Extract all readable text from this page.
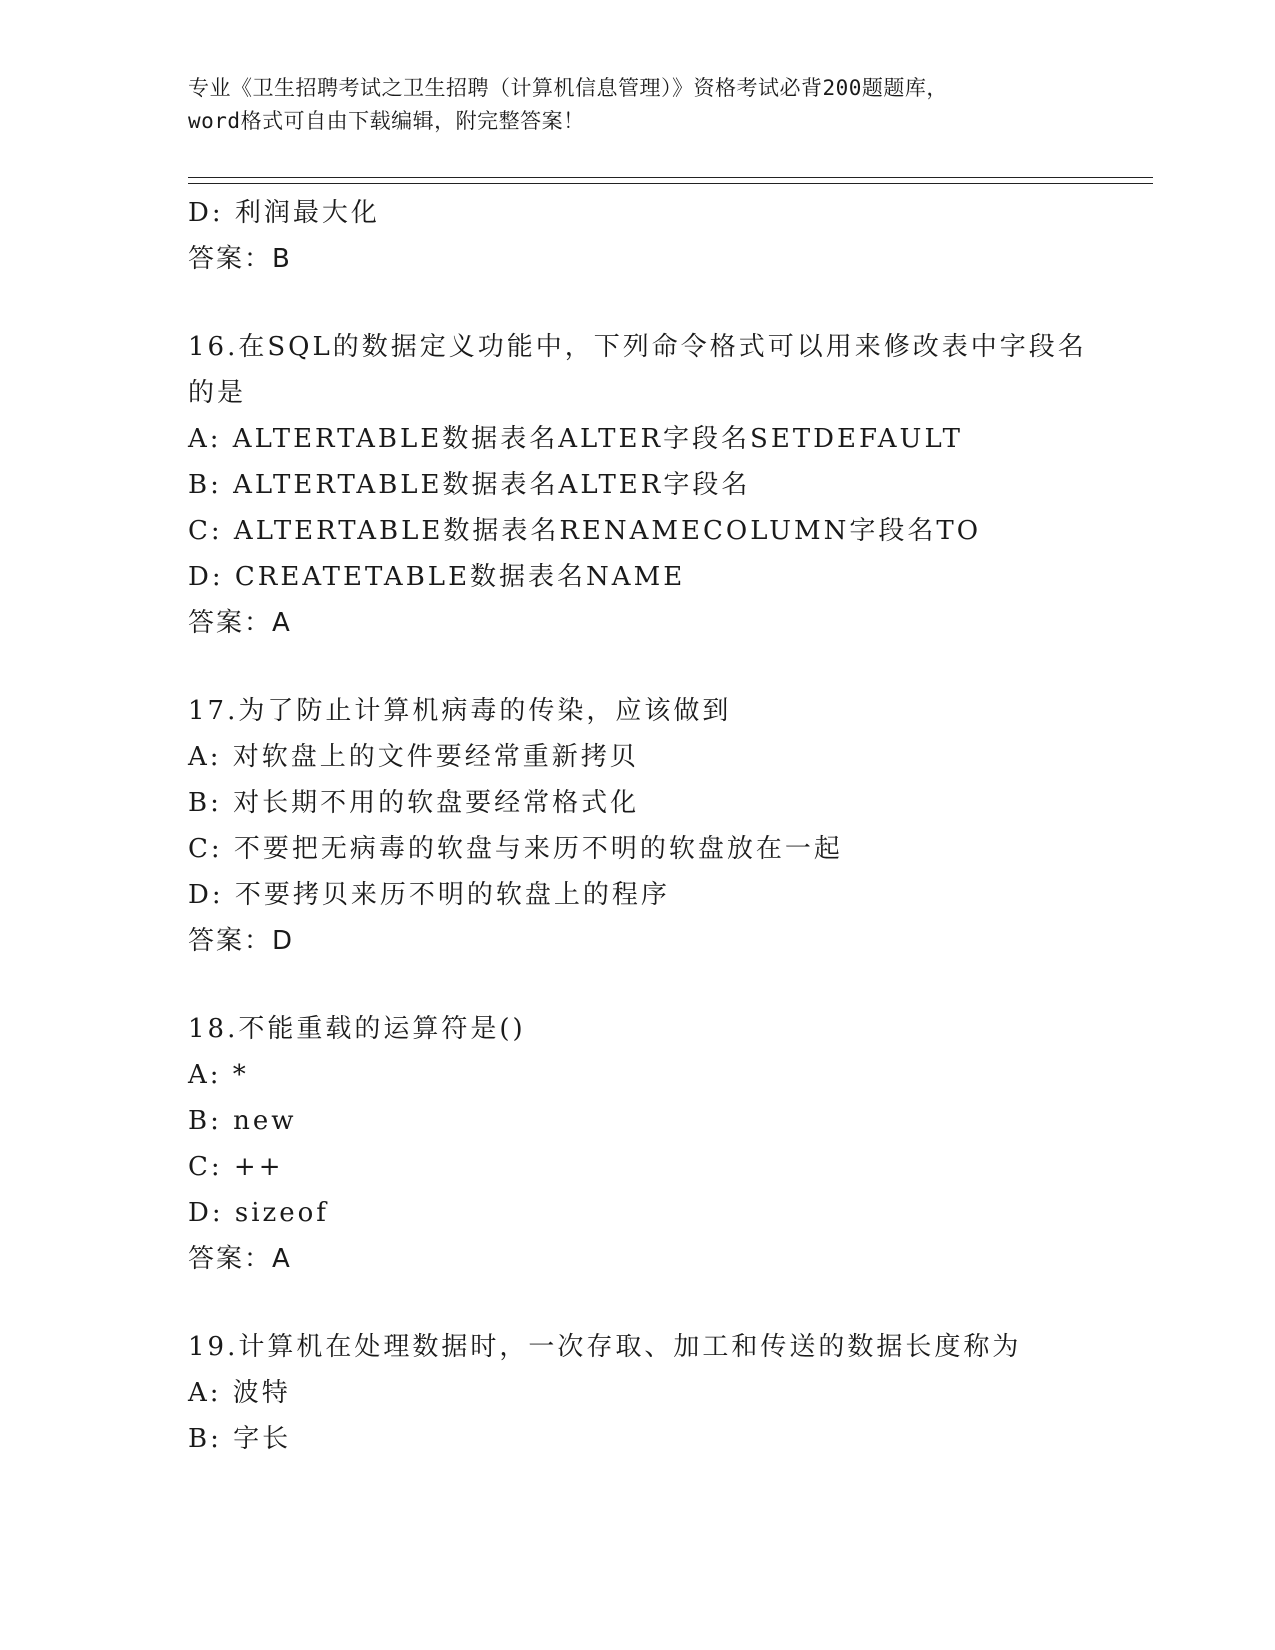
专业《卫生招聘考试之卫生招聘（计算机信息管理）》资格考试必背200题题库，
word格式可自由下载编辑，附完整答案！
D: 利润最大化
答案：B
16.在SQL的数据定义功能中，下列命令格式可以用来修改表中字段名
的是
A: ALTERTABLE数据表名ALTER字段名SETDEFAULT
B: ALTERTABLE数据表名ALTER字段名
C: ALTERTABLE数据表名RENAMECOLUMN字段名TO
D: CREATETABLE数据表名NAME
答案：A
17.为了防止计算机病毒的传染，应该做到
A: 对软盘上的文件要经常重新拷贝
B: 对长期不用的软盘要经常格式化
C: 不要把无病毒的软盘与来历不明的软盘放在一起
D: 不要拷贝来历不明的软盘上的程序
答案：D
18.不能重载的运算符是()
A: *
B: new
C: ++
D: sizeof
答案：A
19.计算机在处理数据时，一次存取、加工和传送的数据长度称为
A: 波特
B: 字长
